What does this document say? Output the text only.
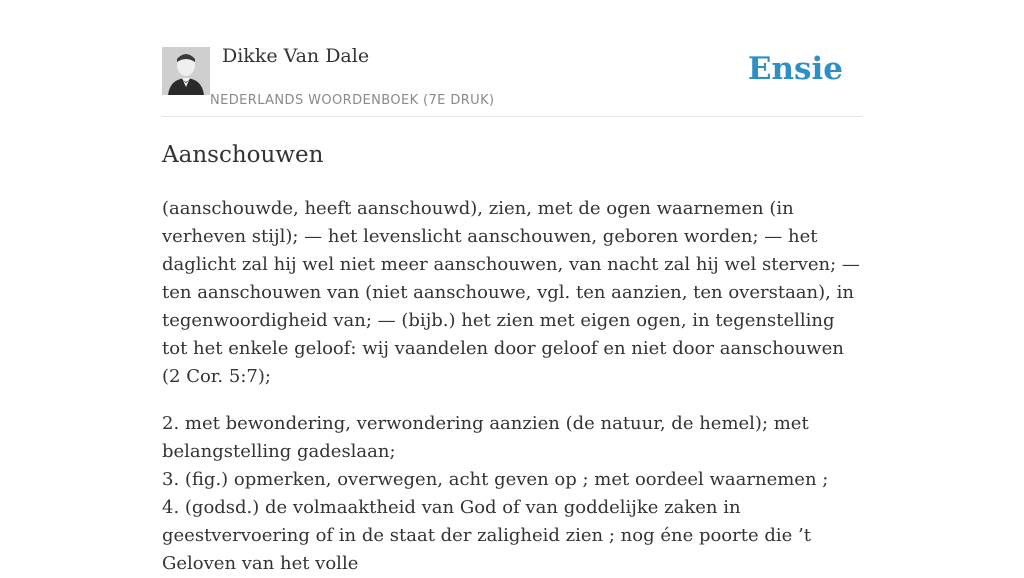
Dikke Van Dale
NEDERLANDS WOORDENBOEK (7E DRUK)
Ensie
Aanschouwen

(aanschouwde, heeft aanschouwd), zien, met de ogen waarnemen (in verheven stijl); — het levenslicht aanschouwen, geboren worden; — het daglicht zal hij wel niet meer aanschouwen, van nacht zal hij wel sterven; — ten aanschouwen van (niet aanschouwe, vgl. ten aanzien, ten overstaan), in tegenwoordigheid van; — (bijb.) het zien met eigen ogen, in tegenstelling tot het enkele geloof: wij vaandelen door geloof en niet door aanschouwen (2 Cor. 5:7);

2. met bewondering, verwondering aanzien (de natuur, de hemel); met belangstelling gadeslaan;
3. (fig.) opmerken, overwegen, acht geven op ; met oordeel waarnemen ;
4. (godsd.) de volmaaktheid van God of van goddelijke zaken in geestvervoering of in de staat der zaligheid zien ; nog éne poorte die ’t Geloven van het volle
